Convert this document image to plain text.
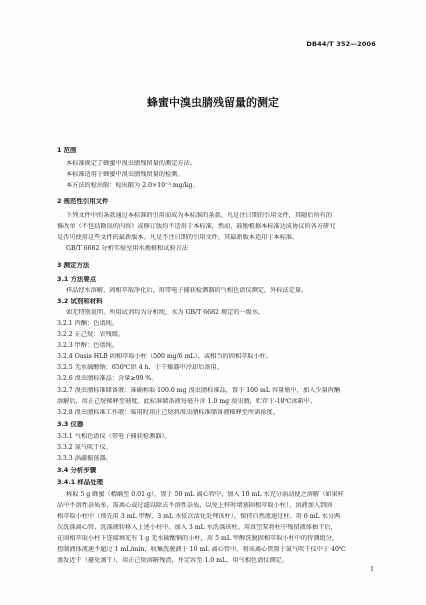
DB44/T 352—2006
蜂蜜中溴虫腈残留量的测定
1 范围
本标准规定了蜂蜜中溴虫腈残留量的测定方法。
本标准适用于蜂蜜中溴虫腈残留量的检测。
本方法的检出限：检出限为 2.0×10⁻³ mg/kg。
2 规范性引用文件
下列文件中的条款通过本标准的引用而成为本标准的条款。凡是注日期的引用文件，其随后所有的
修改单（不包括勘误的内容）或修订版均不适用于本标准，然而，鼓励根据本标准达成协议的各方研究
是否可使用这些文件的最新版本。凡是不注日期的引用文件，其最新版本适用于本标准。
GB/T 6682 分析实验室用水规格和试验方法
3 测定方法
3.1 方法要点
样品经水溶解、固相萃取净化后，用带电子捕获检测器的气相色谱仪测定，外标法定量。
3.2 试剂和材料
如无特别说明，所用试剂均为分析纯，水为 GB/T 6682 规定的一级水。
3.2.1 丙酮：色谱纯。
3.2.2 正己烷：农残级。
3.2.3 甲醇：色谱纯。
3.2.4 Oasis HLB 固相萃取小柱（500 mg/6 mL），或相当的固相萃取小柱。
3.2.5 无水硫酸钠：650℃烘 4 h，于干燥器中冷却后备用。
3.2.6 溴虫腈标准品：含量≥99 %。
3.2.7 溴虫腈标准储备液：准确称取 100.0 mg 溴虫腈标准品，置于 100 mL 容量瓶中，加入少量丙酮
溶解后，用正己烷稀释至刻度。此标准储备液每毫升含 1.0 mg 溴虫腈，贮存于-18℃冰箱中。
3.2.8 溴虫腈标准工作液：临用时用正己烷将溴虫腈标准储备液稀释至所需浓度。
3.3 仪器
3.3.1 气相色谱仪（带电子捕获检测器）。
3.3.2 氮气吹干仪。
3.3.3 涡漩振荡器。
3.4 分析步骤
3.4.1 样品处理
称取 5 g 蜂蜜（精确至 0.01 g），置于 50 mL 离心管中，加入 10 mL 水充分涡动使之溶解（如果样
品中不溶性杂质多，需离心或过滤以除去不溶性杂质，以免上样时堵塞固相萃取小柱），溶液加入到固
相萃取小柱中（预先用 3 mL 甲醇、3 mL 水依次活化处理该柱）。保持自然流速过柱。用 6 mL 水分两
次洗涤离心管，洗涤液转移入上述小柱中。加入 3 mL 水洗涤该柱。用真空泵将柱中残留液体抽干后，
在固相萃取小柱下连接填充有 1 g 无水硫酸钠的小柱，用 5 mL 甲醇洗脱固相萃取小柱中的待测组分，
控制液体流速不超过 1 mL/min，收集洗脱液于 10 mL 离心管中。将该离心管置于氮气吹干仪中于 40℃
蒸发近干（避免蒸干），用正己烷溶解残渣，并定容至 1.0 mL，用气相色谱仪测定。
1
